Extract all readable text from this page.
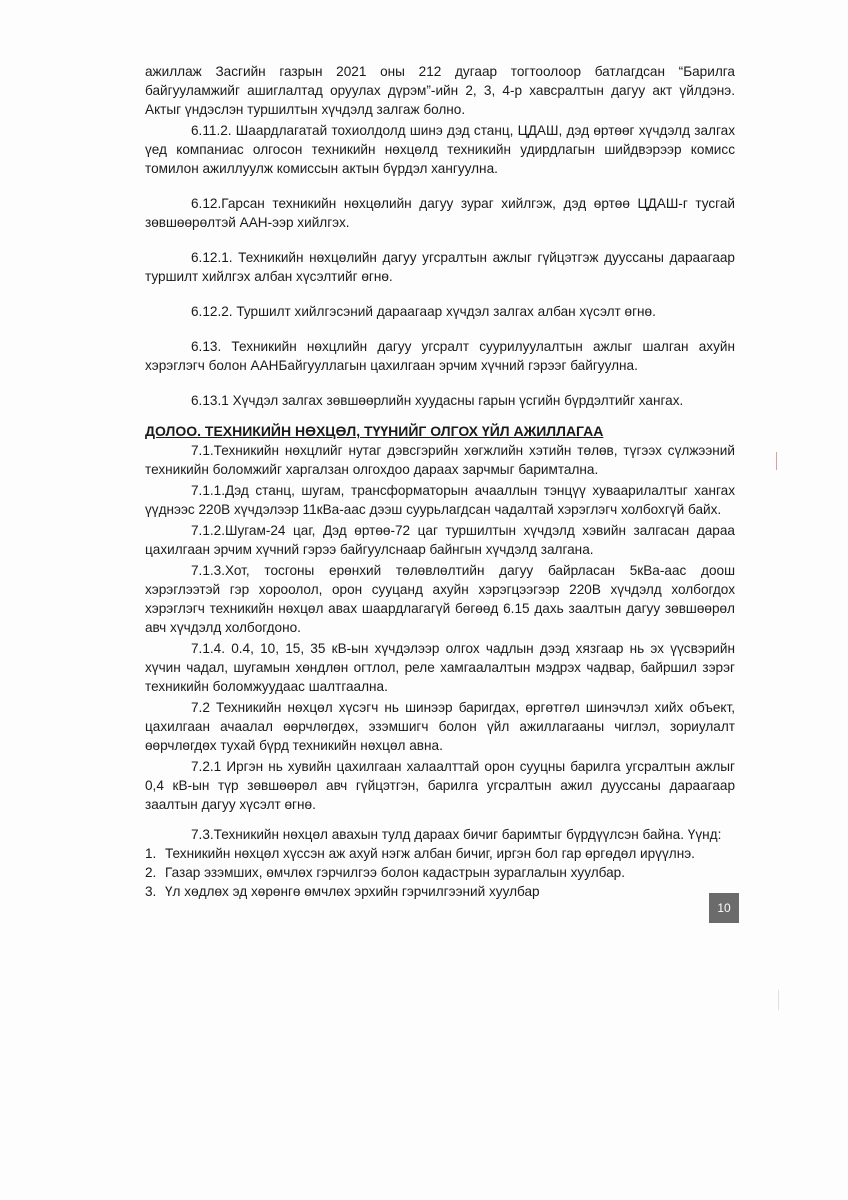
ажиллаж Засгийн газрын 2021 оны 212 дугаар тогтоолоор батлагдсан “Барилга байгууламжийг ашиглалтад оруулах дүрэм”-ийн 2, 3, 4-р хавсралтын дагуу акт үйлдэнэ. Актыг үндэслэн туршилтын хүчдэлд залгаж болно.

6.11.2. Шаардлагатай тохиолдолд шинэ дэд станц, ЦДАШ, дэд өртөөг хүчдэлд залгах үед компаниас олгосон техникийн нөхцөлд техникийн удирдлагын шийдвэрээр комисс томилон ажиллуулж комиссын актын бүрдэл хангуулна.

6.12.Гарсан техникийн нөхцөлийн дагуу зураг хийлгэж, дэд өртөө ЦДАШ-г тусгай зөвшөөрөлтэй ААН-ээр хийлгэх.

6.12.1. Техникийн нөхцөлийн дагуу угсралтын ажлыг гүйцэтгэж дууссаны дараагаар туршилт хийлгэх албан хүсэлтийг өгнө.

6.12.2. Туршилт хийлгэсэний дараагаар хүчдэл залгах албан хүсэлт өгнө.

6.13. Техникийн нөхцлийн дагуу угсралт суурилуулалтын ажлыг шалган ахуйн хэрэглэгч болон ААНБайгууллагын цахилгаан эрчим хүчний гэрээг байгуулна.

6.13.1 Хүчдэл залгах зөвшөөрлийн хуудасны гарын үсгийн бүрдэлтийг хангах.

ДОЛОО. ТЕХНИКИЙН НӨХЦӨЛ, ТҮҮНИЙГ ОЛГОХ ҮЙЛ АЖИЛЛАГАА

7.1.Техникийн нөхцлийг нутаг дэвсгэрийн хөгжлийн хэтийн төлөв, түгээх сүлжээний техникийн боломжийг харгалзан олгохдоо дараах зарчмыг баримтална.

7.1.1.Дэд станц, шугам, трансформаторын ачааллын тэнцүү хуваарилалтыг хангах үүднээс 220В хүчдэлээр 11кВа-аас дээш суурьлагдсан чадалтай хэрэглэгч холбохгүй байх.

7.1.2.Шугам-24 цаг, Дэд өртөө-72 цаг туршилтын хүчдэлд хэвийн залгасан дараа цахилгаан эрчим хүчний гэрээ байгуулснаар байнгын хүчдэлд залгана.

7.1.3.Хот, тосгоны ерөнхий төлөвлөлтийн дагуу байрласан 5кВа-аас доош хэрэглээтэй гэр хороолол, орон сууцанд ахуйн хэрэгцээгээр 220В хүчдэлд холбогдох хэрэглэгч техникийн нөхцөл авах шаардлагагүй бөгөөд 6.15 дахь заалтын дагуу зөвшөөрөл авч хүчдэлд холбогдоно.

7.1.4. 0.4, 10, 15, 35 кВ-ын хүчдэлээр олгох чадлын дээд хязгаар нь эх үүсвэрийн хүчин чадал, шугамын хөндлөн огтлол, реле хамгаалалтын мэдрэх чадвар, байршил зэрэг техникийн боломжуудаас шалтгаална.

7.2 Техникийн нөхцөл хүсэгч нь шинээр баригдах, өргөтгөл шинэчлэл хийх объект, цахилгаан ачаалал өөрчлөгдөх, эзэмшигч болон үйл ажиллагааны чиглэл, зориулалт өөрчлөгдөх тухай бүрд техникийн нөхцөл авна.

7.2.1 Иргэн нь хувийн цахилгаан халаалттай орон сууцны барилга угсралтын ажлыг 0,4 кВ-ын түр зөвшөөрөл авч гүйцэтгэн, барилга угсралтын ажил дууссаны дараагаар заалтын дагуу хүсэлт өгнө.

7.3.Техникийн нөхцөл авахын тулд дараах бичиг баримтыг бүрдүүлсэн байна. Үүнд:

1. Техникийн нөхцөл хүссэн аж ахуй нэгж албан бичиг, иргэн бол гар өргөдөл ирүүлнэ.
2. Газар эзэмших, өмчлөх гэрчилгээ болон кадастрын зураглалын хуулбар.
3. Үл хөдлөх эд хөрөнгө өмчлөх эрхийн гэрчилгээний хуулбар
10
